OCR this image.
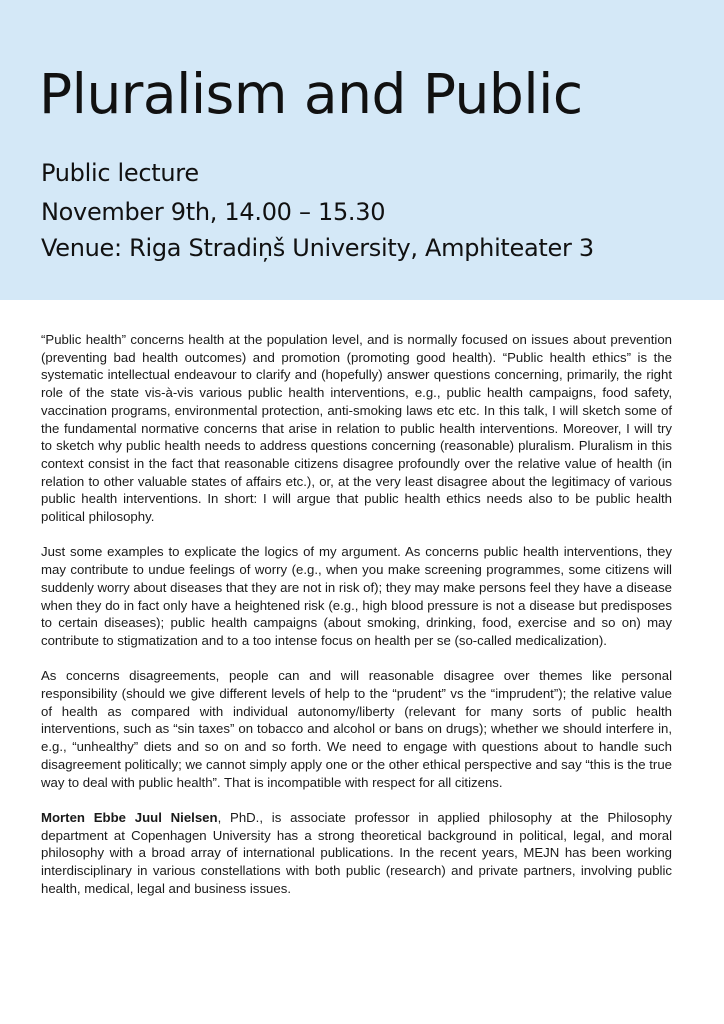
Pluralism and Public
Public lecture
November 9th, 14.00 – 15.30
Venue: Riga Stradiņš University, Amphiteater 3

“Public health” concerns health at the population level, and is normally focused on issues about prevention (preventing bad health outcomes) and promotion (promoting good health). “Public health ethics” is the systematic intellectual endeavour to clarify and (hopefully) answer questions concerning, primarily, the right role of the state vis-à-vis various public health interventions, e.g., public health campaigns, food safety, vaccination programs, environmental protection, anti-smoking laws etc etc. In this talk, I will sketch some of the fundamental normative concerns that arise in relation to public health interventions. Moreover, I will try to sketch why public health needs to address questions concerning (reasonable) pluralism. Pluralism in this context consist in the fact that reasonable citizens disagree profoundly over the relative value of health (in relation to other valuable states of affairs etc.), or, at the very least disagree about the legitimacy of various public health interventions. In short: I will argue that public health ethics needs also to be public health political philosophy.

Just some examples to explicate the logics of my argument. As concerns public health interventions, they may contribute to undue feelings of worry (e.g., when you make screening programmes, some citizens will suddenly worry about diseases that they are not in risk of); they may make persons feel they have a disease when they do in fact only have a heightened risk (e.g., high blood pressure is not a disease but predisposes to certain diseases); public health campaigns (about smoking, drinking, food, exercise and so on) may contribute to stigmatization and to a too intense focus on health per se (so-called medicalization).

As concerns disagreements, people can and will reasonable disagree over themes like personal responsibility (should we give different levels of help to the “prudent” vs the “imprudent”); the relative value of health as compared with individual autonomy/liberty (relevant for many sorts of public health interventions, such as “sin taxes” on tobacco and alcohol or bans on drugs); whether we should interfere in, e.g., “unhealthy” diets and so on and so forth. We need to engage with questions about to handle such disagreement politically; we cannot simply apply one or the other ethical perspective and say “this is the true way to deal with public health”. That is incompatible with respect for all citizens.

Morten Ebbe Juul Nielsen, PhD., is associate professor in applied philosophy at the Philosophy department at Copenhagen University has a strong theoretical background in political, legal, and moral philosophy with a broad array of international publications. In the recent years, MEJN has been working interdisciplinary in various constellations with both public (research) and private partners, involving public health, medical, legal and business issues.
